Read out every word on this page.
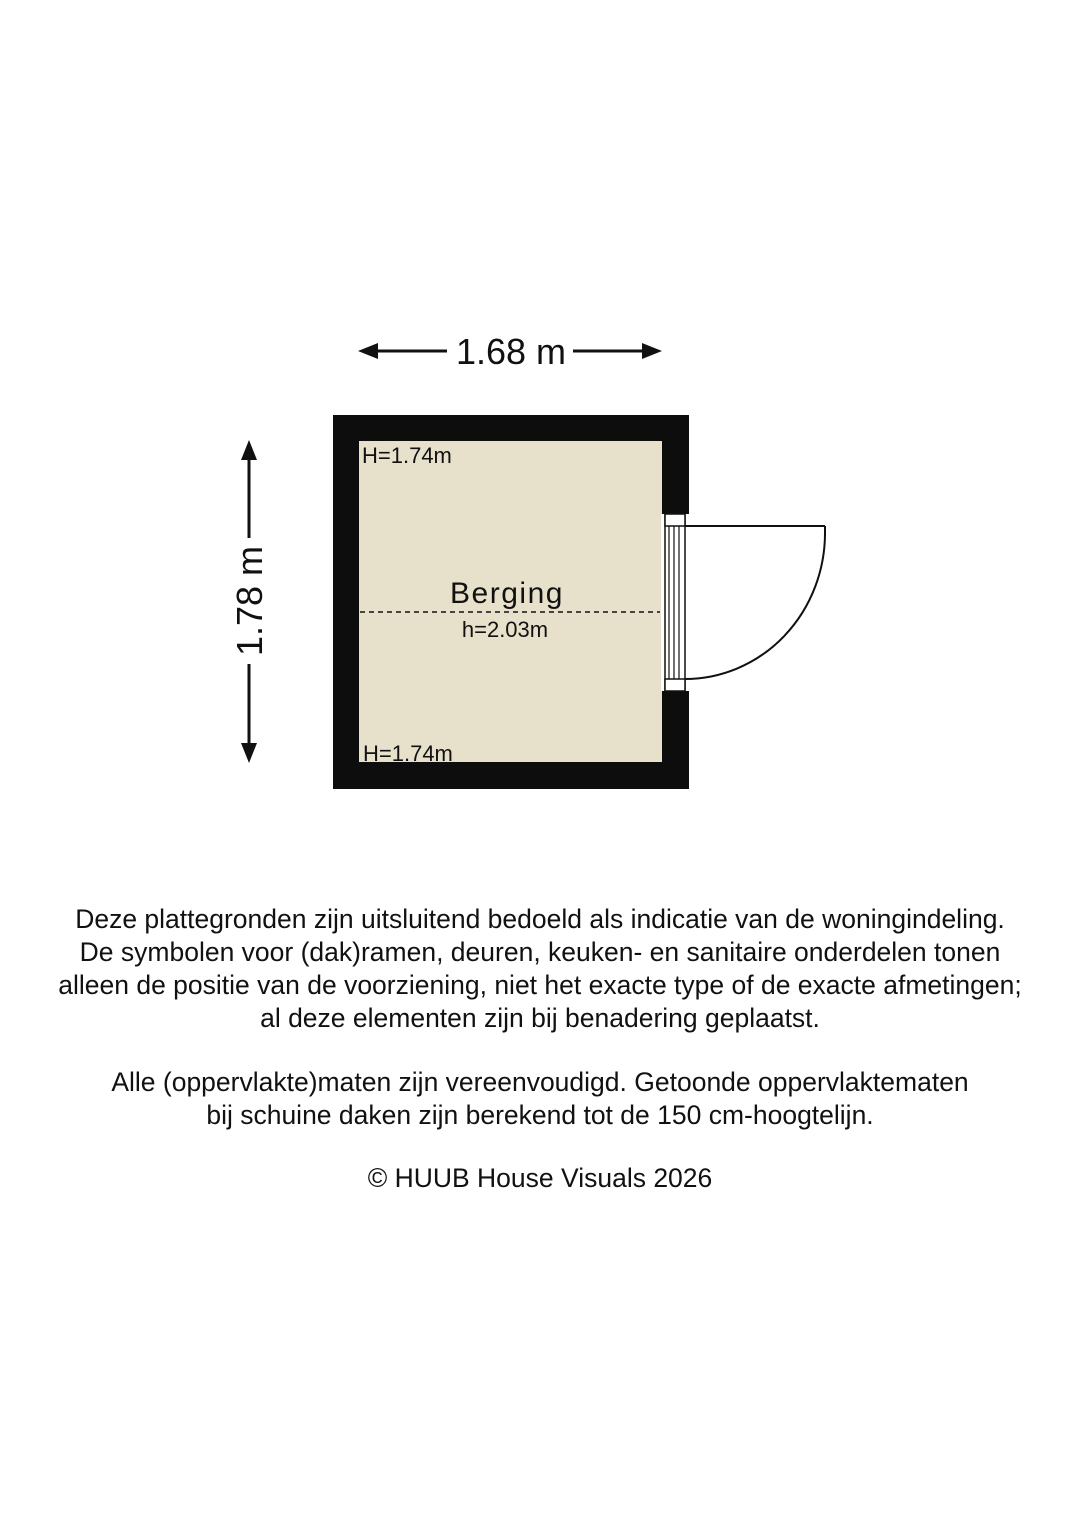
1.68 m
1.78 m	Berging
h=2.03m
H=1.74m
H=1.74m

Deze plattegronden zijn uitsluitend bedoeld als indicatie van de woningindeling.

De symbolen voor (dak)ramen, deuren, keuken- en sanitaire onderdelen tonen

alleen de positie van de voorziening, niet het exacte type of de exacte afmetingen;

al deze elementen zijn bij benadering geplaatst.

Alle (oppervlakte)maten zijn vereenvoudigd. Getoonde oppervlaktematen

bij schuine daken zijn berekend tot de 150 cm-hoogtelijn.

© HUUB House Visuals 2026
